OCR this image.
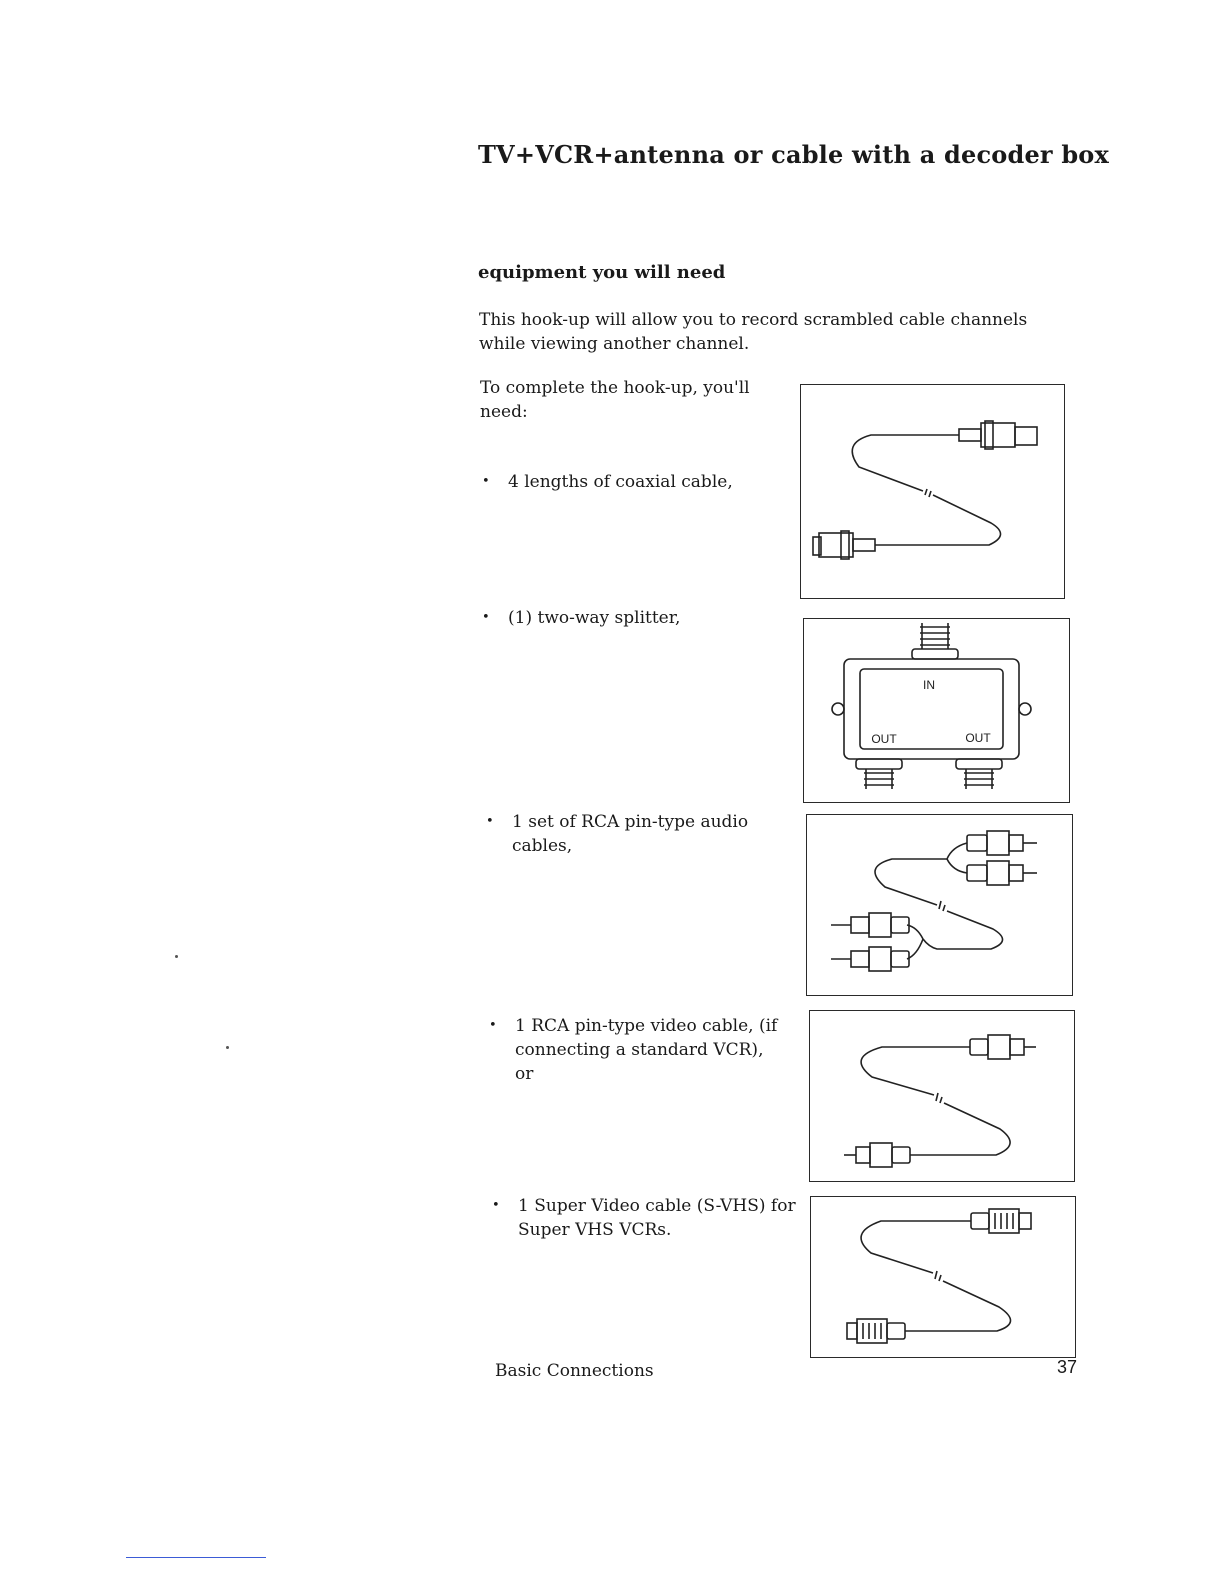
TV+VCR+antenna or cable with a decoder box
equipment you will need
This hook-up will allow you to record scrambled cable channels while viewing another channel.
To complete the hook-up, you'll need:
•	4 lengths of coaxial cable,
•	(1) two-way splitter,
•	1 set of RCA pin-type audio cables,
•	1 RCA pin-type video cable, (if connecting a standard VCR), or
•	1 Super Video cable (S-VHS) for Super VHS VCRs.
IN
OUT	OUT
Basic Connections	37
